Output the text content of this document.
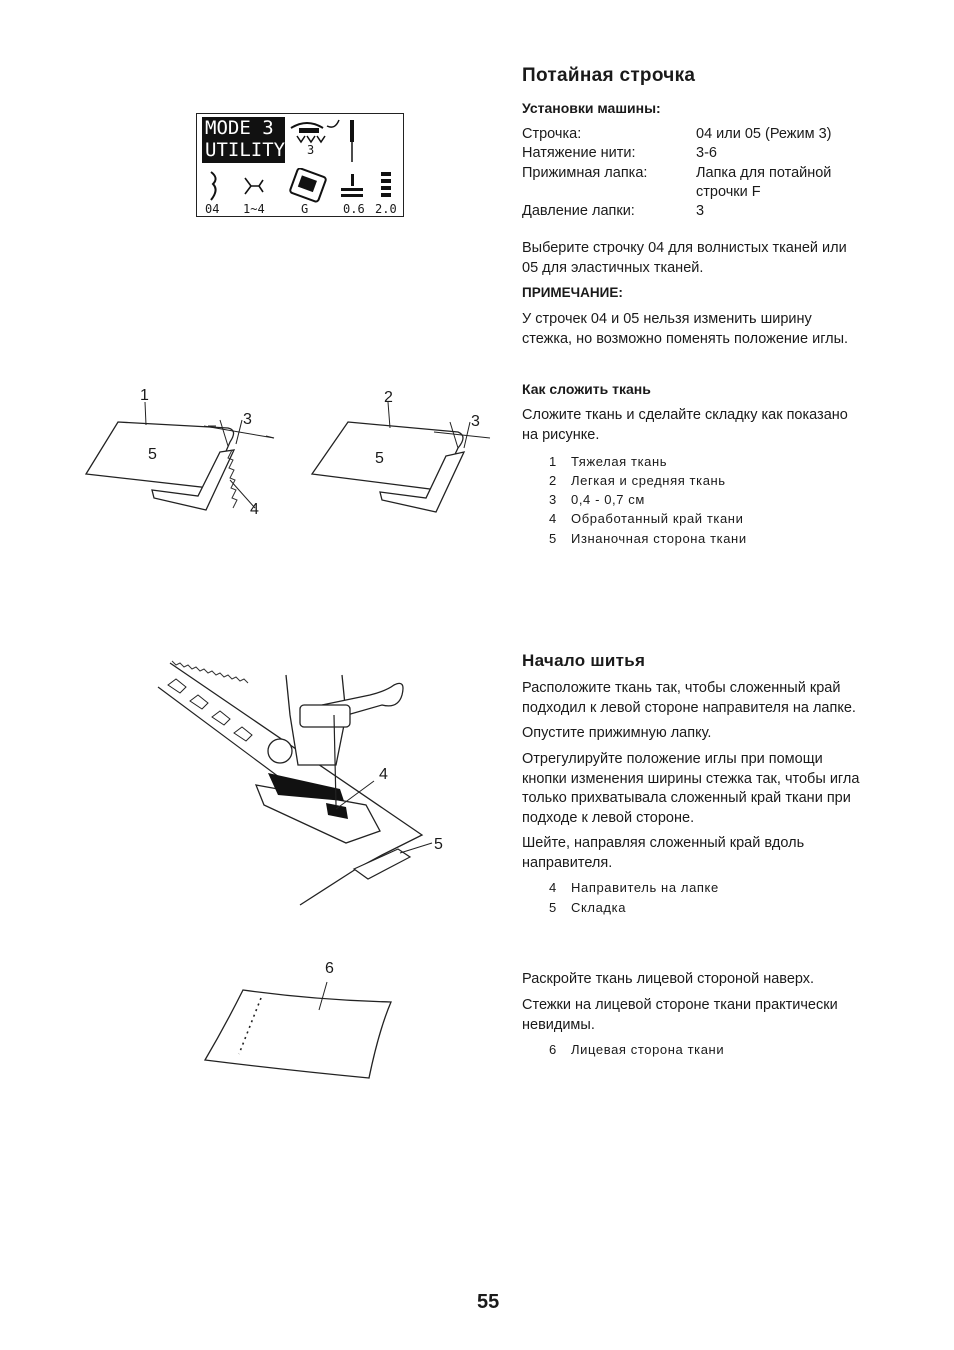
Потайная строчка
Установки машины:
Строчка:	04 или 05 (Режим 3)
Натяжение нити:	3-6
Прижимная лапка:	Лапка для потайной
строчки F
Давление лапки:	3
MODE 3
UTILITY 3
04 1~4	G	0.6 2.0
Выберите строчку 04 для волнистых тканей или
05 для эластичных тканей.
ПРИМЕЧАНИЕ:
У строчек 04 и 05 нельзя изменить ширину
стежка, но возможно поменять положение иглы.
Как сложить ткань
Сложите ткань и сделайте складку как показано
на рисунке.
1 Тяжелая ткань
2 Легкая и средняя ткань
3 0,4 - 0,7 см
4 Обработанный край ткани
5 Изнаночная сторона ткани
1
3
5
4
2
3
5
Начало шитья
Расположите ткань так, чтобы сложенный край
подходил к левой стороне направителя на лапке.
Опустите прижимную лапку.
Отрегулируйте положение иглы при помощи
кнопки изменения ширины стежка так, чтобы игла
только прихватывала сложенный край ткани при
подходе к левой стороне.
Шейте, направляя сложенный край вдоль
направителя.
4 Направитель на лапке
5 Складка
4
5
Раскройте ткань лицевой стороной наверх.
Стежки на лицевой стороне ткани практически
невидимы.
6 Лицевая сторона ткани
6
55
